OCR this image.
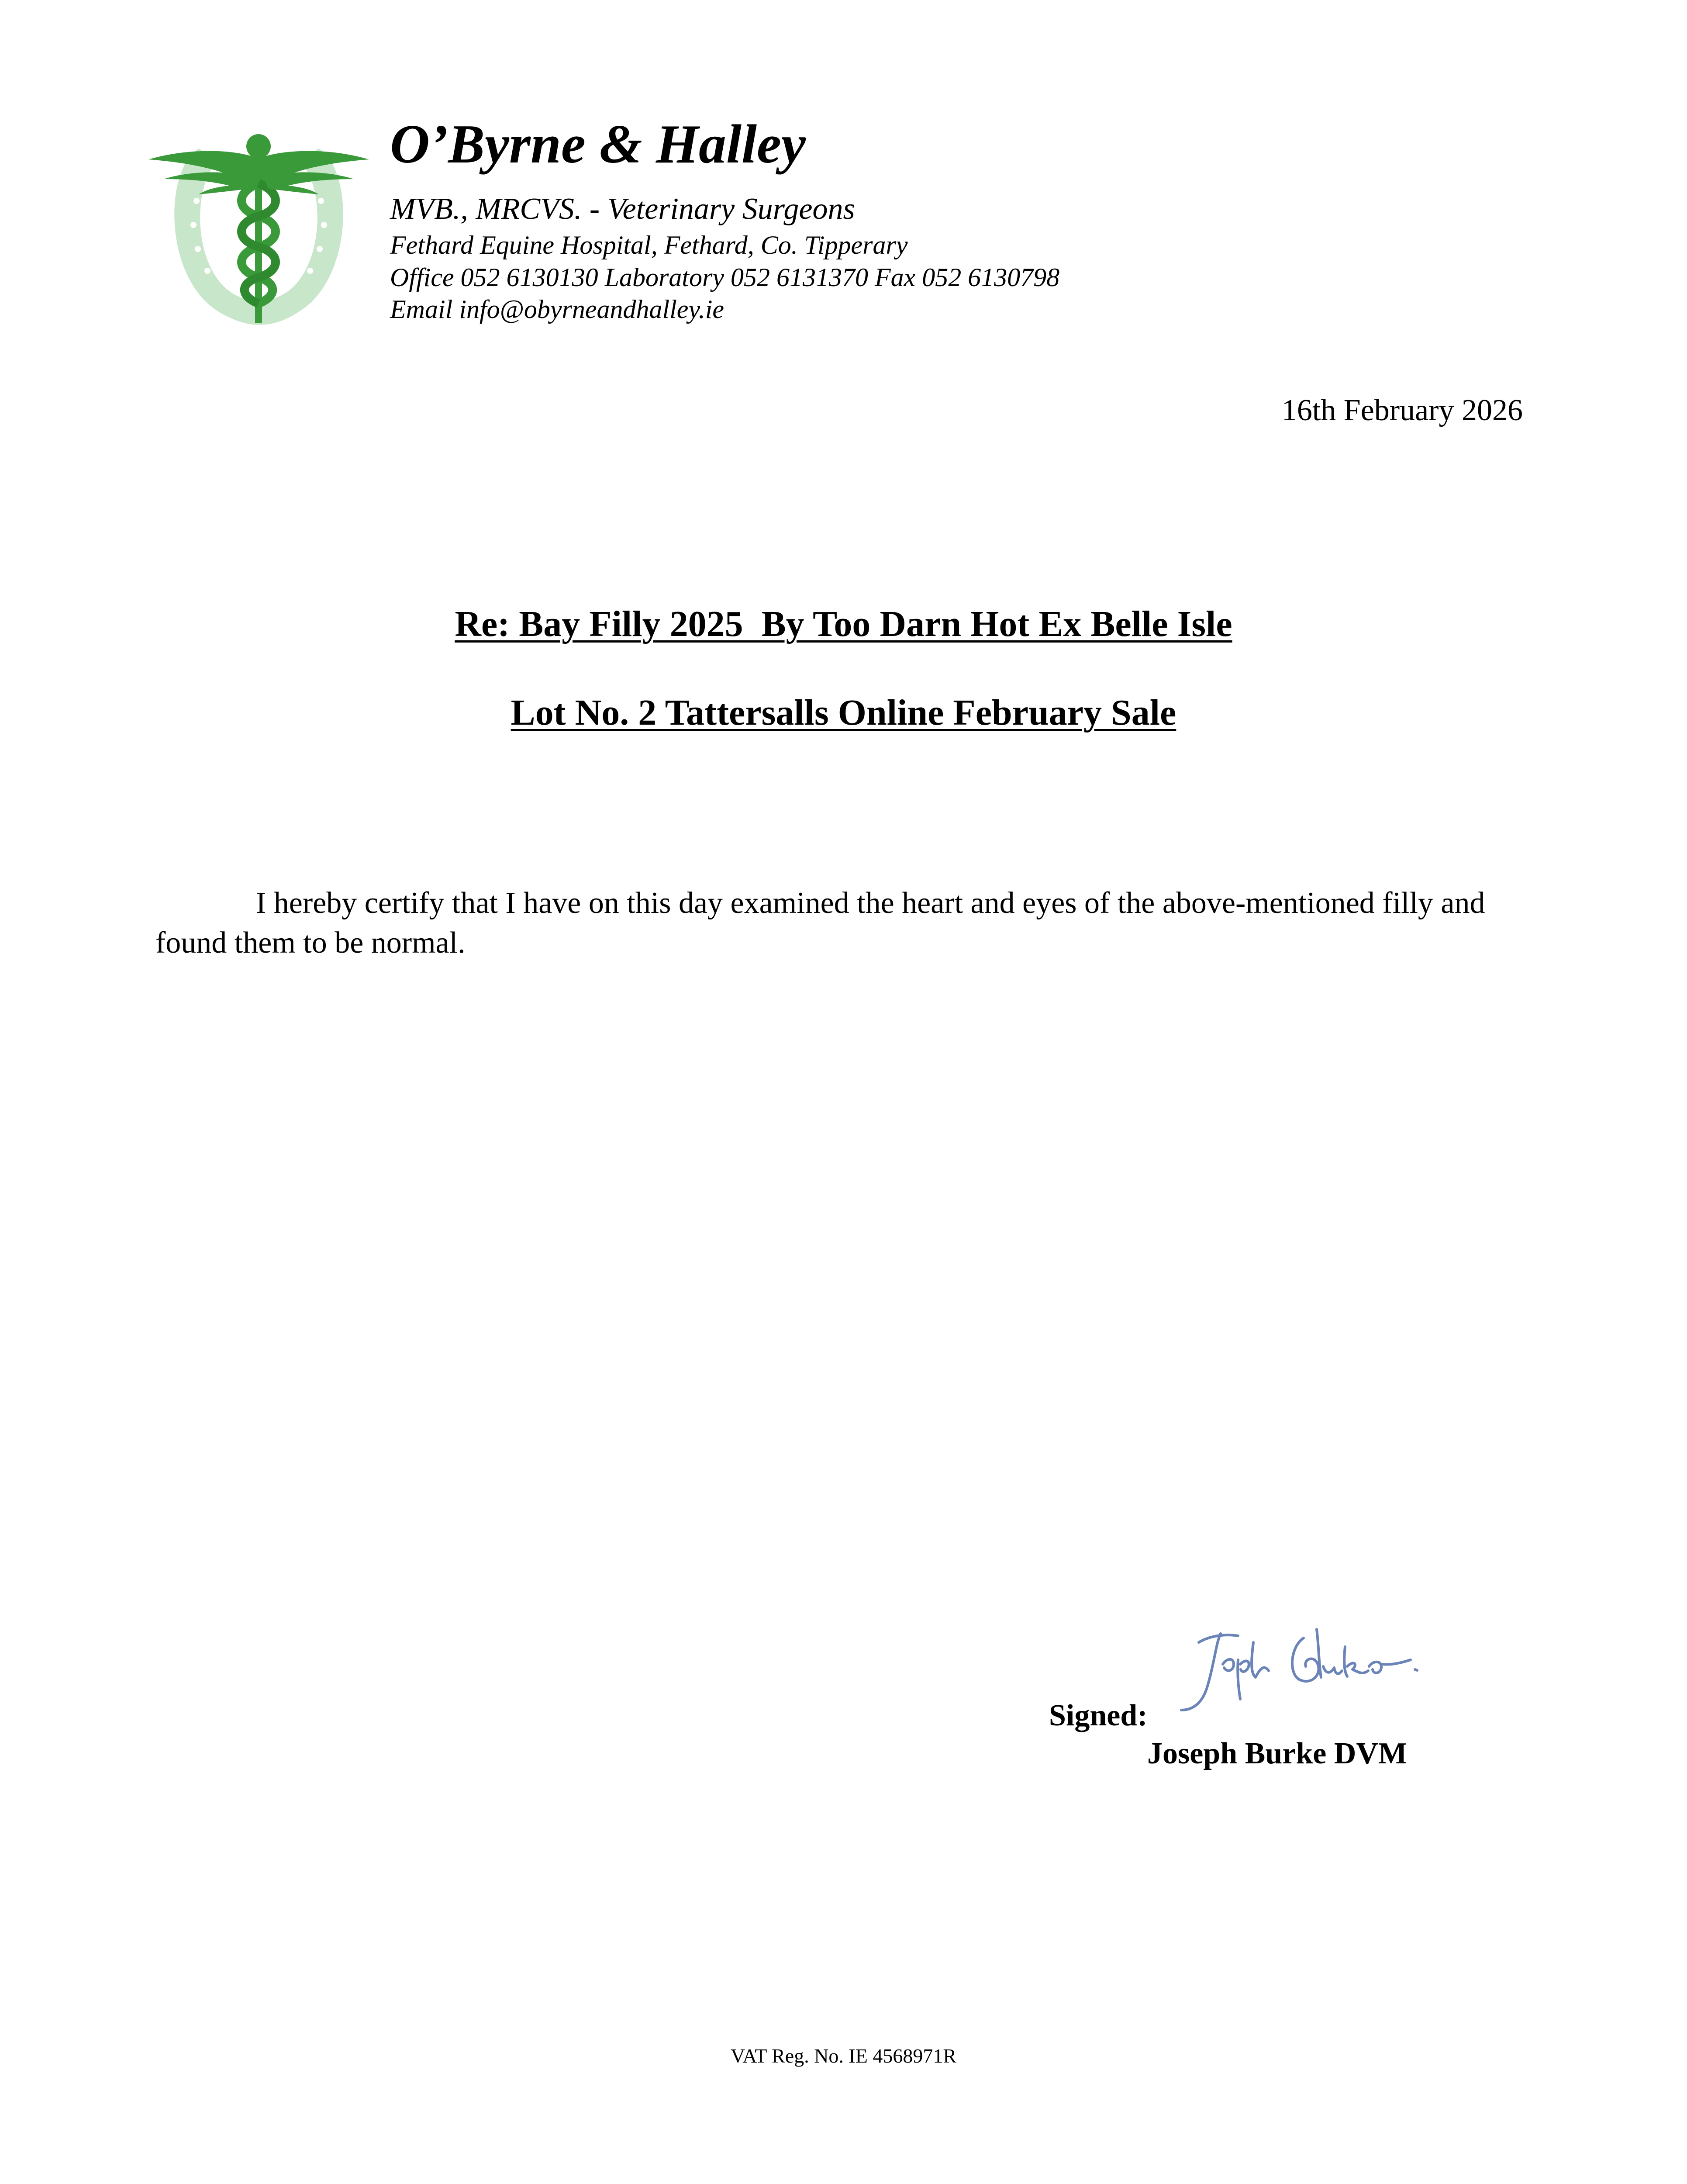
O’Byrne & Halley
MVB., MRCVS. - Veterinary Surgeons
Fethard Equine Hospital, Fethard, Co. Tipperary
Office 052 6130130 Laboratory 052 6131370 Fax 052 6130798
Email info@obyrneandhalley.ie
16th February 2026
Re: Bay Filly 2025  By Too Darn Hot Ex Belle Isle
Lot No. 2 Tattersalls Online February Sale

I hereby certify that I have on this day examined the heart and eyes of the above-mentioned filly and found them to be normal.

Signed:
Joseph Burke DVM
VAT Reg. No. IE 4568971R
